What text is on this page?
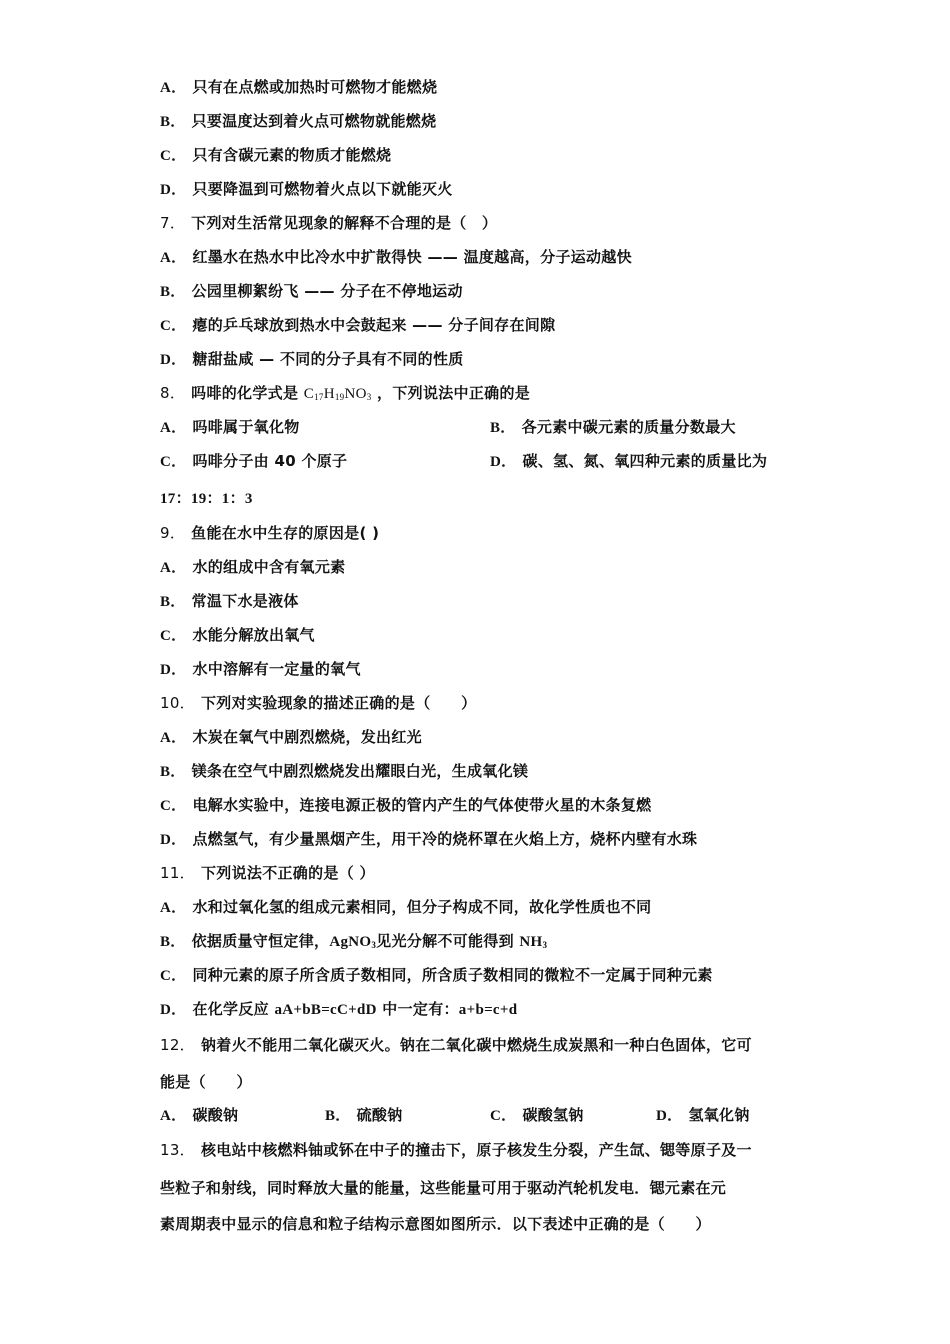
A． 只有在点燃或加热时可燃物才能燃烧
B． 只要温度达到着火点可燃物就能燃烧
C． 只有含碳元素的物质才能燃烧
D． 只要降温到可燃物着火点以下就能灭火
7． 下列对生活常见现象的解释不合理的是（　）
A． 红墨水在热水中比冷水中扩散得快 —— 温度越高，分子运动越快
B． 公园里柳絮纷飞 —— 分子在不停地运动
C． 瘪的乒乓球放到热水中会鼓起来 —— 分子间存在间隙
D． 糖甜盐咸 — 不同的分子具有不同的性质
8． 吗啡的化学式是 $C_{17}H_{19}NO_3$ ，下列说法中正确的是
A． 吗啡属于氧化物	B． 各元素中碳元素的质量分数最大
C． 吗啡分子由 40 个原子	D． 碳、氢、氮、氧四种元素的质量比为
17：19：1：3
9． 鱼能在水中生存的原因是( )
A． 水的组成中含有氧元素
B． 常温下水是液体
C． 水能分解放出氧气
D． 水中溶解有一定量的氧气
10． 下列对实验现象的描述正确的是（　　）
A． 木炭在氧气中剧烈燃烧，发出红光
B． 镁条在空气中剧烈燃烧发出耀眼白光，生成氧化镁
C． 电解水实验中，连接电源正极的管内产生的气体使带火星的木条复燃
D． 点燃氢气，有少量黑烟产生，用干冷的烧杯罩在火焰上方，烧杯内壁有水珠
11． 下列说法不正确的是（ ）
A． 水和过氧化氢的组成元素相同，但分子构成不同，故化学性质也不同
B． 依据质量守恒定律，AgNO$_3$见光分解不可能得到 $NH_3$
C． 同种元素的原子所含质子数相同，所含质子数相同的微粒不一定属于同种元素
D． 在化学反应 aA+bB=cC+dD 中一定有：a+b=c+d
12． 钠着火不能用二氧化碳灭火。钠在二氧化碳中燃烧生成炭黑和一种白色固体，它可
能是（　　）
A． 碳酸钠	B． 硫酸钠	C． 碳酸氢钠	D． 氢氧化钠
13． 核电站中核燃料铀或钚在中子的撞击下，原子核发生分裂，产生氙、锶等原子及一
些粒子和射线，同时释放大量的能量，这些能量可用于驱动汽轮机发电．锶元素在元
素周期表中显示的信息和粒子结构示意图如图所示．以下表述中正确的是（　　）
